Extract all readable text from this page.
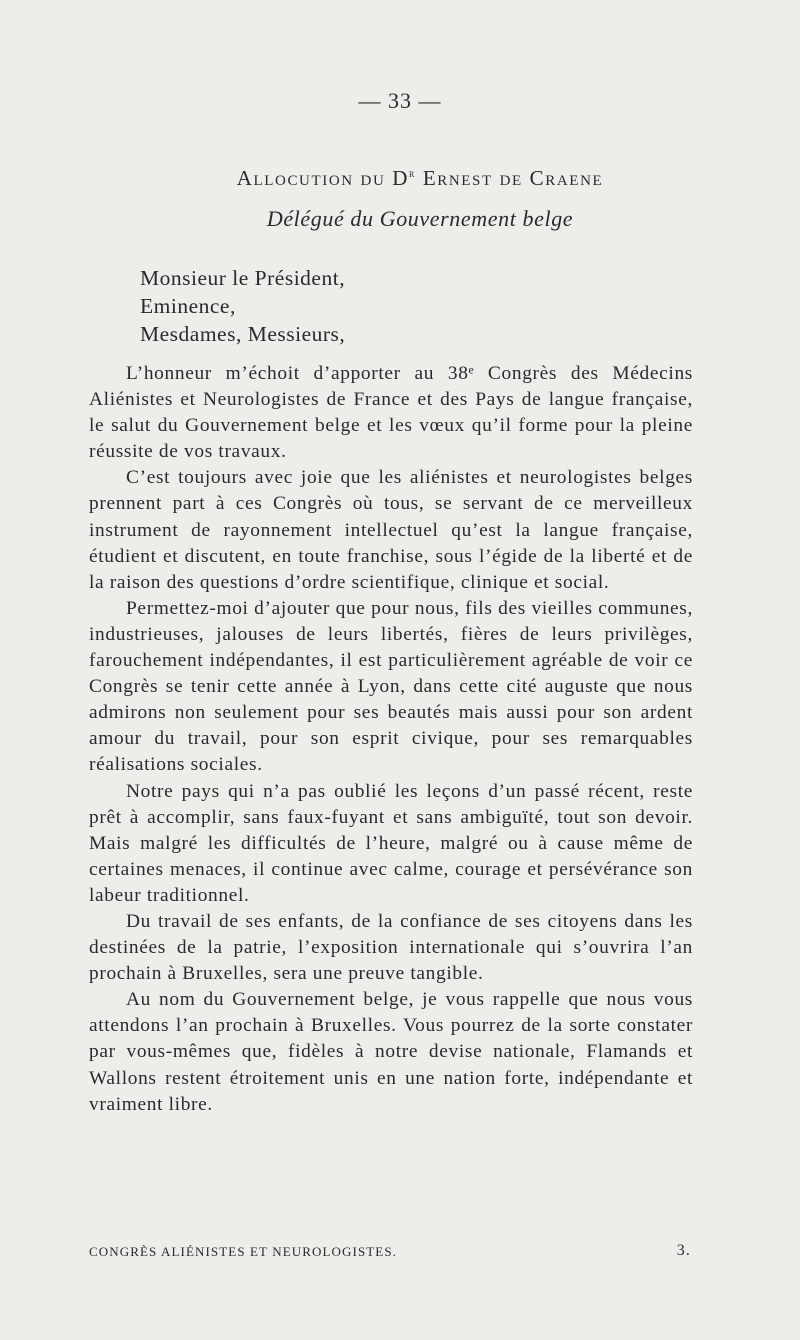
— 33 —
Allocution du $D^r$ Ernest de Craene
Délégué du Gouvernement belge
Monsieur le Président,
Eminence,
Mesdames, Messieurs,

L’honneur m’échoit d’apporter au 38ᵉ Congrès des Médecins Aliénistes et Neurologistes de France et des Pays de langue française, le salut du Gouvernement belge et les vœux qu’il forme pour la pleine réussite de vos travaux.

C’est toujours avec joie que les aliénistes et neurologistes belges prennent part à ces Congrès où tous, se servant de ce merveilleux instrument de rayonnement intellectuel qu’est la langue française, étudient et discutent, en toute franchise, sous l’égide de la liberté et de la raison des questions d’ordre scientifique, clinique et social.

Permettez-moi d’ajouter que pour nous, fils des vieilles communes, industrieuses, jalouses de leurs libertés, fières de leurs privilèges, farouchement indépendantes, il est particulièrement agréable de voir ce Congrès se tenir cette année à Lyon, dans cette cité auguste que nous admirons non seulement pour ses beautés mais aussi pour son ardent amour du travail, pour son esprit civique, pour ses remarquables réalisations sociales.

Notre pays qui n’a pas oublié les leçons d’un passé récent, reste prêt à accomplir, sans faux-fuyant et sans ambiguïté, tout son devoir. Mais malgré les difficultés de l’heure, malgré ou à cause même de certaines menaces, il continue avec calme, courage et persévérance son labeur traditionnel.

Du travail de ses enfants, de la confiance de ses citoyens dans les destinées de la patrie, l’exposition internationale qui s’ouvrira l’an prochain à Bruxelles, sera une preuve tangible.

Au nom du Gouvernement belge, je vous rappelle que nous vous attendons l’an prochain à Bruxelles. Vous pourrez de la sorte constater par vous-mêmes que, fidèles à notre devise nationale, Flamands et Wallons restent étroitement unis en une nation forte, indépendante et vraiment libre.

CONGRÈS ALIÉNISTES ET NEUROLOGISTES.	3.
